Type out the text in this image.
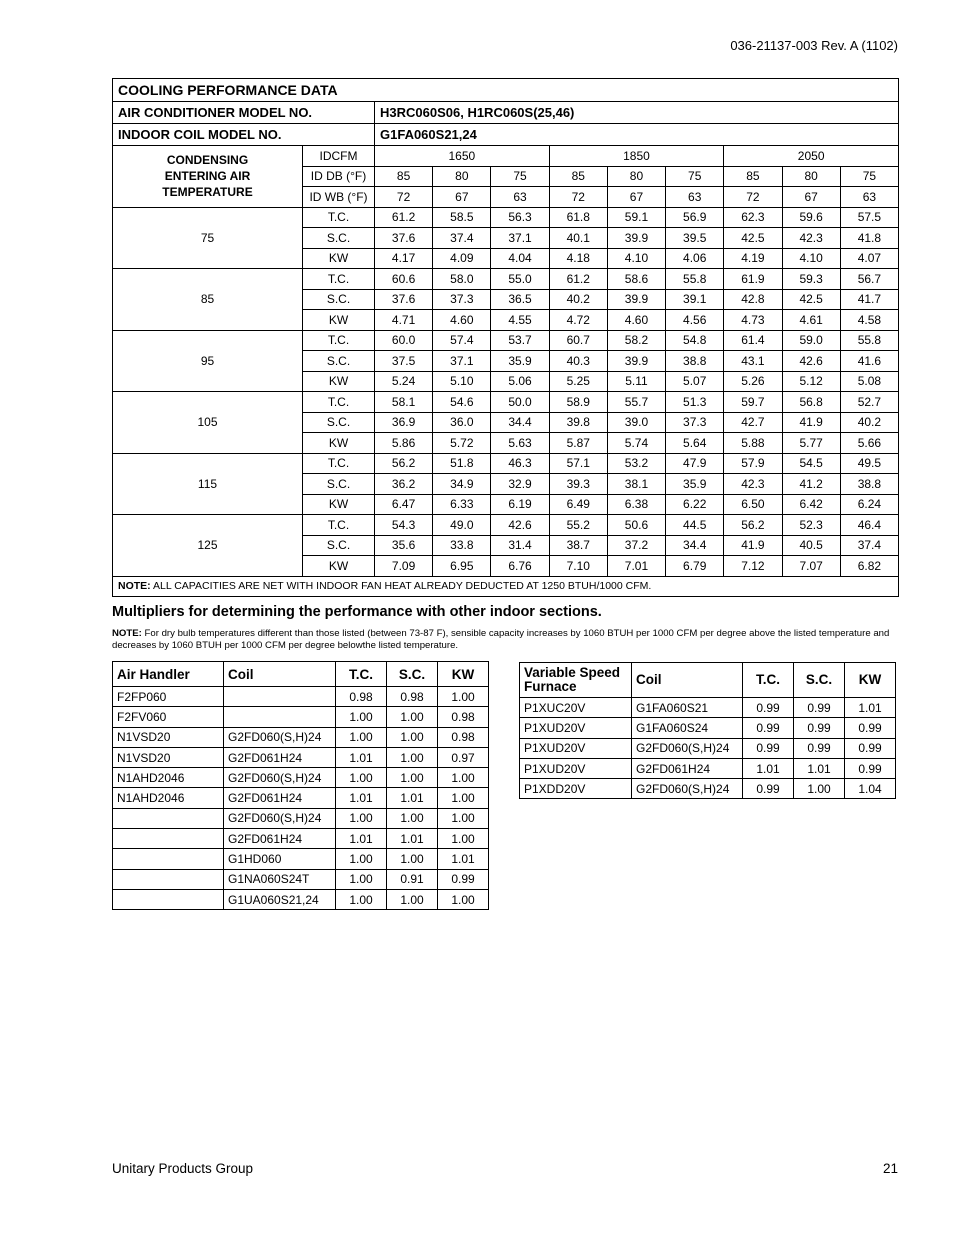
036-21137-003 Rev. A (1102)
COOLING PERFORMANCE DATA										
AIR CONDITIONER MODEL NO.		H3RC060S06, H1RC060S(25,46)								
INDOOR COIL MODEL NO.		G1FA060S21,24								
CONDENSING
ENTERING AIR
TEMPERATURE	IDCFM	1650			1850			2050		
	ID DB (°F)	85	80	75	85	80	75	85	80	75
	ID WB (°F)	72	67	63	72	67	63	72	67	63
75	T.C.	61.2	58.5	56.3	61.8	59.1	56.9	62.3	59.6	57.5
	S.C.	37.6	37.4	37.1	40.1	39.9	39.5	42.5	42.3	41.8
	KW	4.17	4.09	4.04	4.18	4.10	4.06	4.19	4.10	4.07
85	T.C.	60.6	58.0	55.0	61.2	58.6	55.8	61.9	59.3	56.7
	S.C.	37.6	37.3	36.5	40.2	39.9	39.1	42.8	42.5	41.7
	KW	4.71	4.60	4.55	4.72	4.60	4.56	4.73	4.61	4.58
95	T.C.	60.0	57.4	53.7	60.7	58.2	54.8	61.4	59.0	55.8
	S.C.	37.5	37.1	35.9	40.3	39.9	38.8	43.1	42.6	41.6
	KW	5.24	5.10	5.06	5.25	5.11	5.07	5.26	5.12	5.08
105	T.C.	58.1	54.6	50.0	58.9	55.7	51.3	59.7	56.8	52.7
	S.C.	36.9	36.0	34.4	39.8	39.0	37.3	42.7	41.9	40.2
	KW	5.86	5.72	5.63	5.87	5.74	5.64	5.88	5.77	5.66
115	T.C.	56.2	51.8	46.3	57.1	53.2	47.9	57.9	54.5	49.5
	S.C.	36.2	34.9	32.9	39.3	38.1	35.9	42.3	41.2	38.8
	KW	6.47	6.33	6.19	6.49	6.38	6.22	6.50	6.42	6.24
125	T.C.	54.3	49.0	42.6	55.2	50.6	44.5	56.2	52.3	46.4
	S.C.	35.6	33.8	31.4	38.7	37.2	34.4	41.9	40.5	37.4
	KW	7.09	6.95	6.76	7.10	7.01	6.79	7.12	7.07	6.82
NOTE: ALL CAPACITIES ARE NET WITH INDOOR FAN HEAT ALREADY DEDUCTED AT 1250 BTUH/1000 CFM.										
Multipliers for determining the performance with other indoor sections.
NOTE: For dry bulb temperatures different than those listed (between 73-87 F), sensible capacity increases by 1060 BTUH per 1000 CFM per degree above the listed temperature and decreases by 1060 BTUH per 1000 CFM per degree belowthe listed temperature.
Air Handler	Coil	T.C.	S.C.	KW
F2FP060		0.98	0.98	1.00
F2FV060		1.00	1.00	0.98
N1VSD20	G2FD060(S,H)24	1.00	1.00	0.98
N1VSD20	G2FD061H24	1.01	1.00	0.97
N1AHD2046	G2FD060(S,H)24	1.00	1.00	1.00
N1AHD2046	G2FD061H24	1.01	1.01	1.00
	G2FD060(S,H)24	1.00	1.00	1.00
	G2FD061H24	1.01	1.01	1.00
	G1HD060	1.00	1.00	1.01
	G1NA060S24T	1.00	0.91	0.99
	G1UA060S21,24	1.00	1.00	1.00
Variable Speed Furnace	Coil	T.C.	S.C.	KW
P1XUC20V	G1FA060S21	0.99	0.99	1.01
P1XUD20V	G1FA060S24	0.99	0.99	0.99
P1XUD20V	G2FD060(S,H)24	0.99	0.99	0.99
P1XUD20V	G2FD061H24	1.01	1.01	0.99
P1XDD20V	G2FD060(S,H)24	0.99	1.00	1.04
Unitary Products Group	21
